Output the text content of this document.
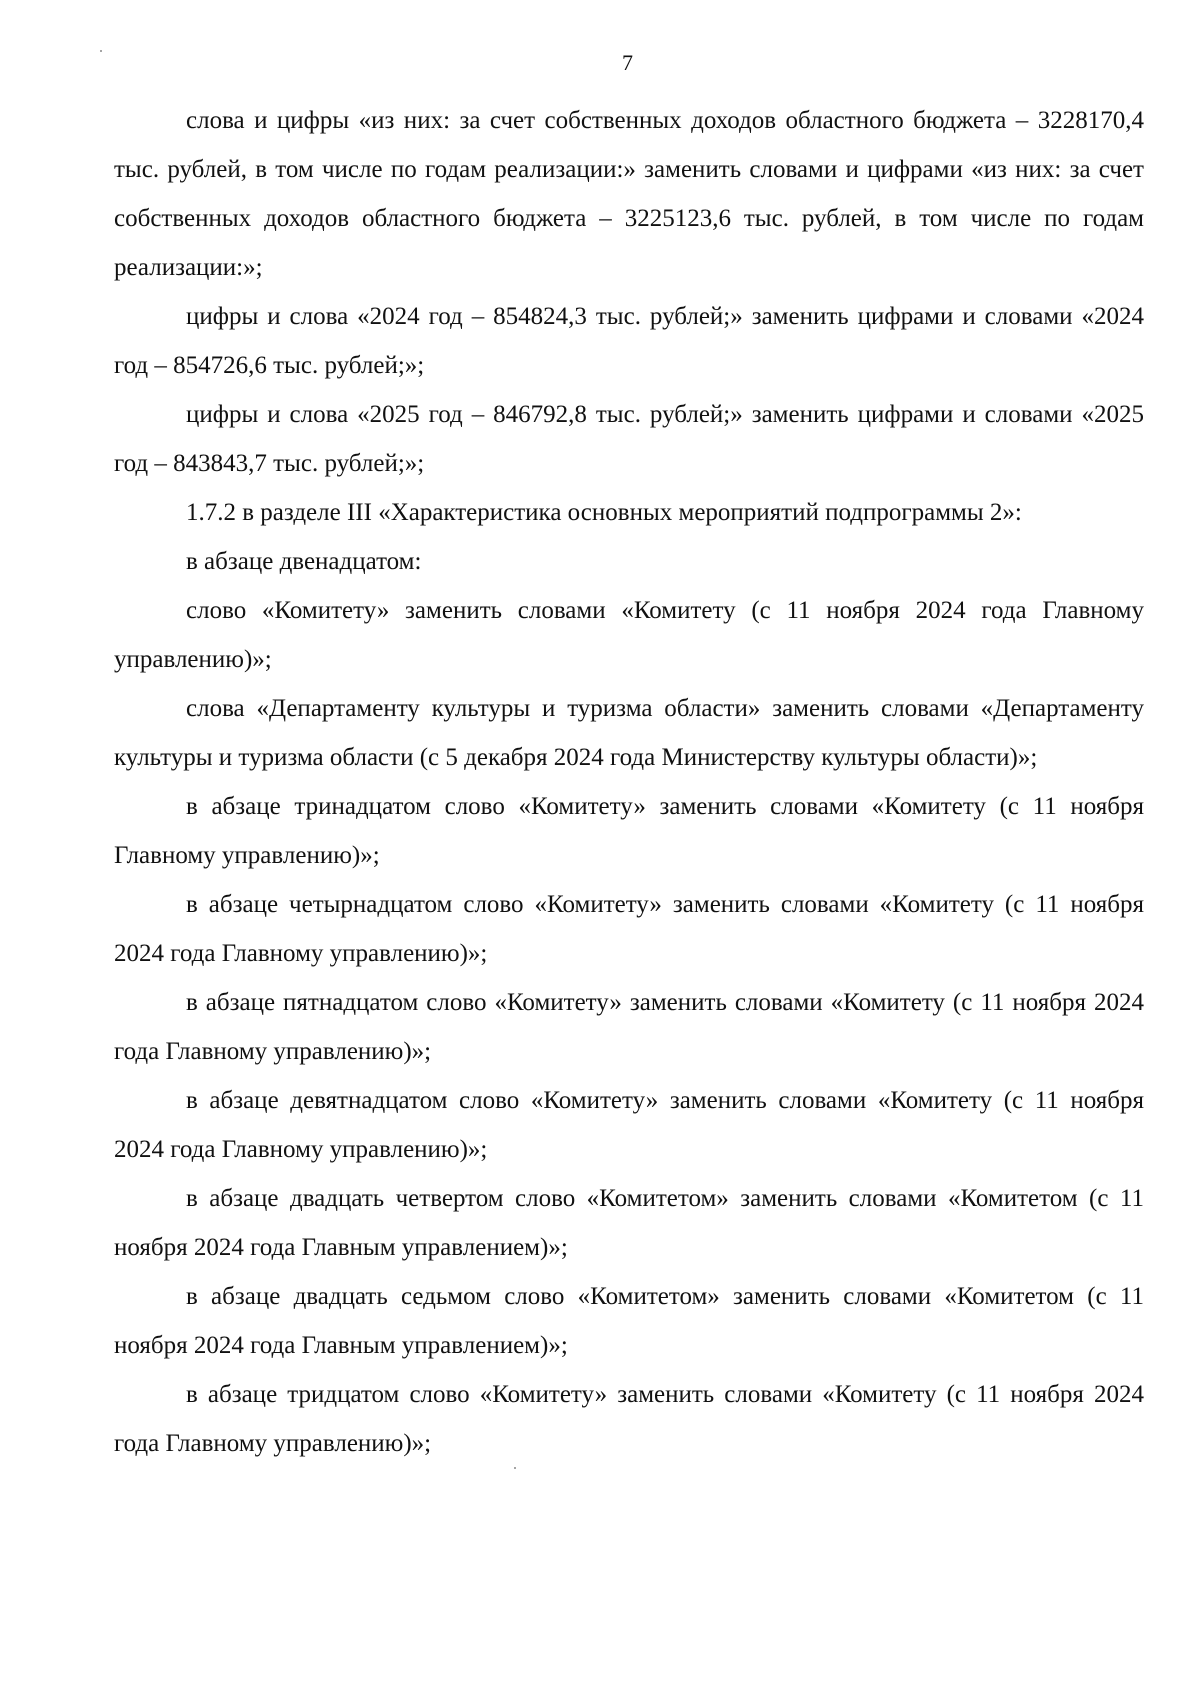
7

слова и цифры «из них: за счет собственных доходов областного бюджета – 3228170,4 тыс. рублей, в том числе по годам реализации:» заменить словами и цифрами «из них: за счет собственных доходов областного бюджета – 3225123,6 тыс. рублей, в том числе по годам реализации:»;

цифры и слова «2024 год – 854824,3 тыс. рублей;» заменить цифрами и словами «2024 год – 854726,6 тыс. рублей;»;

цифры и слова «2025 год – 846792,8 тыс. рублей;» заменить цифрами и словами «2025 год – 843843,7 тыс. рублей;»;

1.7.2 в разделе III «Характеристика основных мероприятий подпрограммы 2»:

в абзаце двенадцатом:

слово «Комитету» заменить словами «Комитету (с 11 ноября 2024 года Главному управлению)»;

слова «Департаменту культуры и туризма области» заменить словами «Департаменту культуры и туризма области (с 5 декабря 2024 года Министерству культуры области)»;

в абзаце тринадцатом слово «Комитету» заменить словами «Комитету (с 11 ноября Главному управлению)»;

в абзаце четырнадцатом слово «Комитету» заменить словами «Комитету (с 11 ноября 2024 года Главному управлению)»;

в абзаце пятнадцатом слово «Комитету» заменить словами «Комитету (с 11 ноября 2024 года Главному управлению)»;

в абзаце девятнадцатом слово «Комитету» заменить словами «Комитету (с 11 ноября 2024 года Главному управлению)»;

в абзаце двадцать четвертом слово «Комитетом» заменить словами «Комитетом (с 11 ноября 2024 года Главным управлением)»;

в абзаце двадцать седьмом слово «Комитетом» заменить словами «Комитетом (с 11 ноября 2024 года Главным управлением)»;

в абзаце тридцатом слово «Комитету» заменить словами «Комитету (с 11 ноября 2024 года Главному управлению)»;
